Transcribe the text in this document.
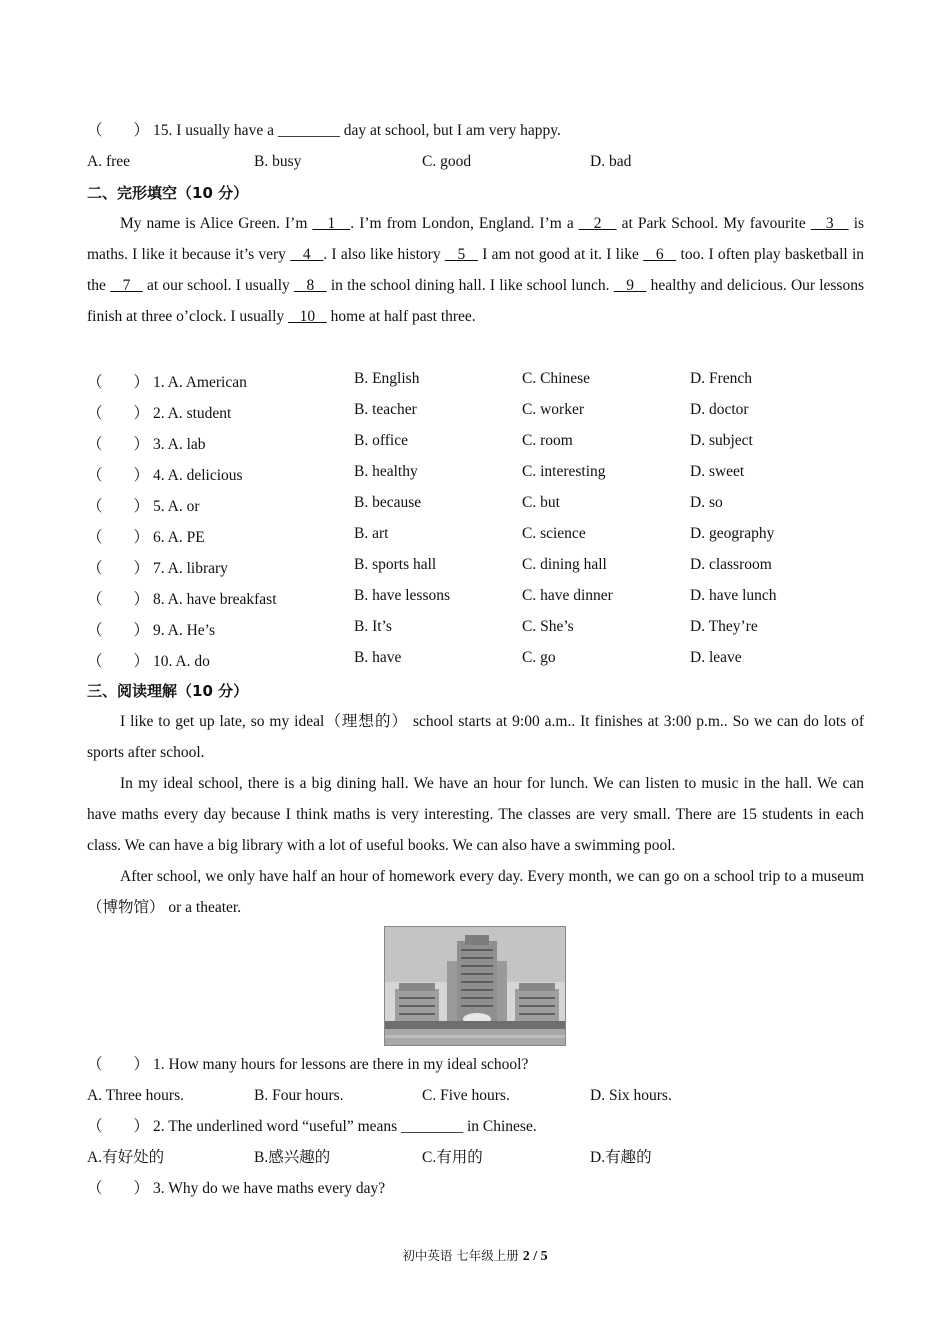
（　　） 15. I usually have a ________ day at school, but I am very happy.
A. free	B. busy	C. good	D. bad
二、完形填空（10 分）
My name is Alice Green. I’m    1   . I’m from London, England. I’m a    2    at Park School. My favourite    3    is maths. I like it because it’s very    4   . I also like history    5    I am not good at it. I like    6    too. I often play basketball in the    7    at our school. I usually    8    in the school dining hall. I like school lunch.    9    healthy and delicious. Our lessons finish at three o’clock. I usually    10    home at half past three.
（　　） 1. A. American	B. English	C. Chinese	D. French
（　　） 2. A. student	B. teacher	C. worker	D. doctor
（　　） 3. A. lab	B. office	C. room	D. subject
（　　） 4. A. delicious	B. healthy	C. interesting	D. sweet
（　　） 5. A. or	B. because	C. but	D. so
（　　） 6. A. PE	B. art	C. science	D. geography
（　　） 7. A. library	B. sports hall	C. dining hall	D. classroom
（　　） 8. A. have breakfast	B. have lessons	C. have dinner	D. have lunch
（　　） 9. A. He’s	B. It’s	C. She’s	D. They’re
（　　） 10. A. do	B. have	C. go	D. leave
三、阅读理解（10 分）
I like to get up late, so my ideal（理想的） school starts at 9:00 a.m.. It finishes at 3:00 p.m.. So we can do lots of sports after school.
In my ideal school, there is a big dining hall. We have an hour for lunch. We can listen to music in the hall. We can have maths every day because I think maths is very interesting. The classes are very small. There are 15 students in each class. We can have a big library with a lot of useful books. We can also have a swimming pool.
After school, we only have half an hour of homework every day. Every month, we can go on a school trip to a museum（博物馆） or a theater.
（　　） 1. How many hours for lessons are there in my ideal school?
A. Three hours.	B. Four hours.	C. Five hours.	D. Six hours.
（　　） 2. The underlined word “useful” means ________ in Chinese.
A.有好处的	B.感兴趣的	C.有用的	D.有趣的
（　　） 3. Why do we have maths every day?
初中英语 七年级上册 2 / 5
